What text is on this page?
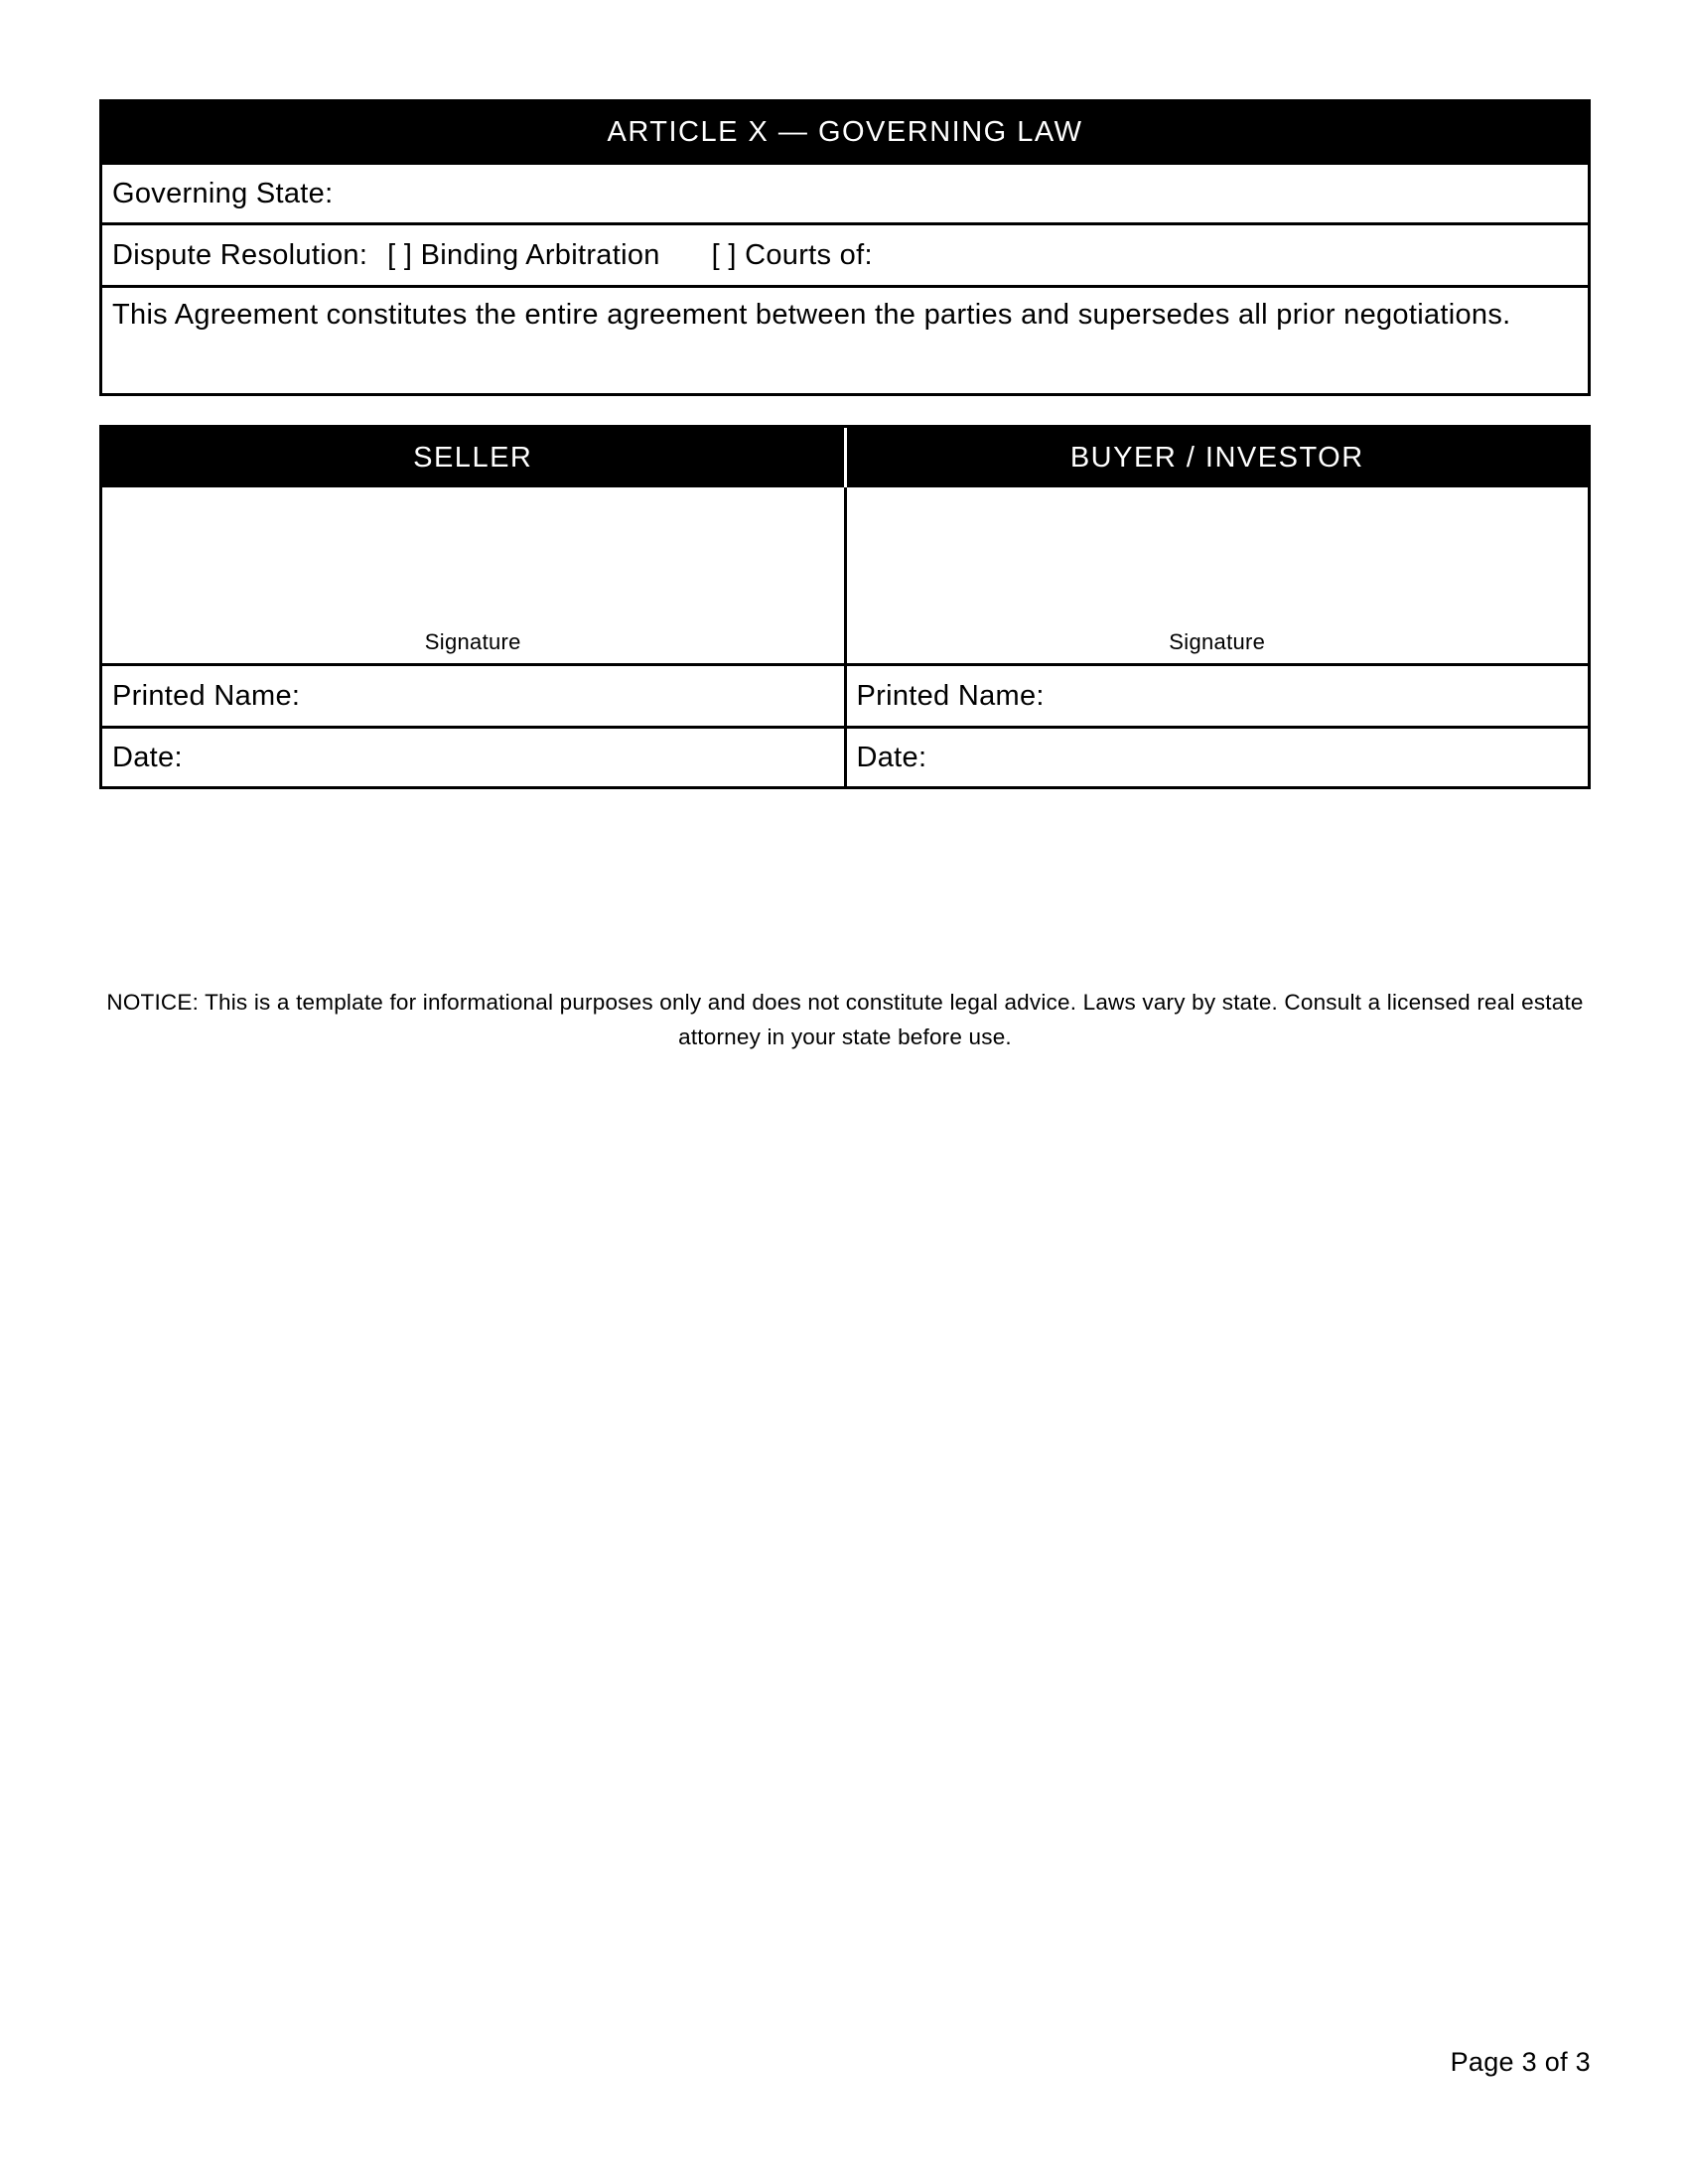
ARTICLE X — GOVERNING LAW
Governing State:
Dispute Resolution: [ ] Binding Arbitration [ ] Courts of:
This Agreement constitutes the entire agreement between the parties and supersedes all prior negotiations.
SELLER	BUYER / INVESTOR
Signature	Signature
Printed Name:	Printed Name:
Date:	Date:
NOTICE: This is a template for informational purposes only and does not constitute legal advice. Laws vary by state. Consult a licensed real estate attorney in your state before use.
Page 3 of 3
